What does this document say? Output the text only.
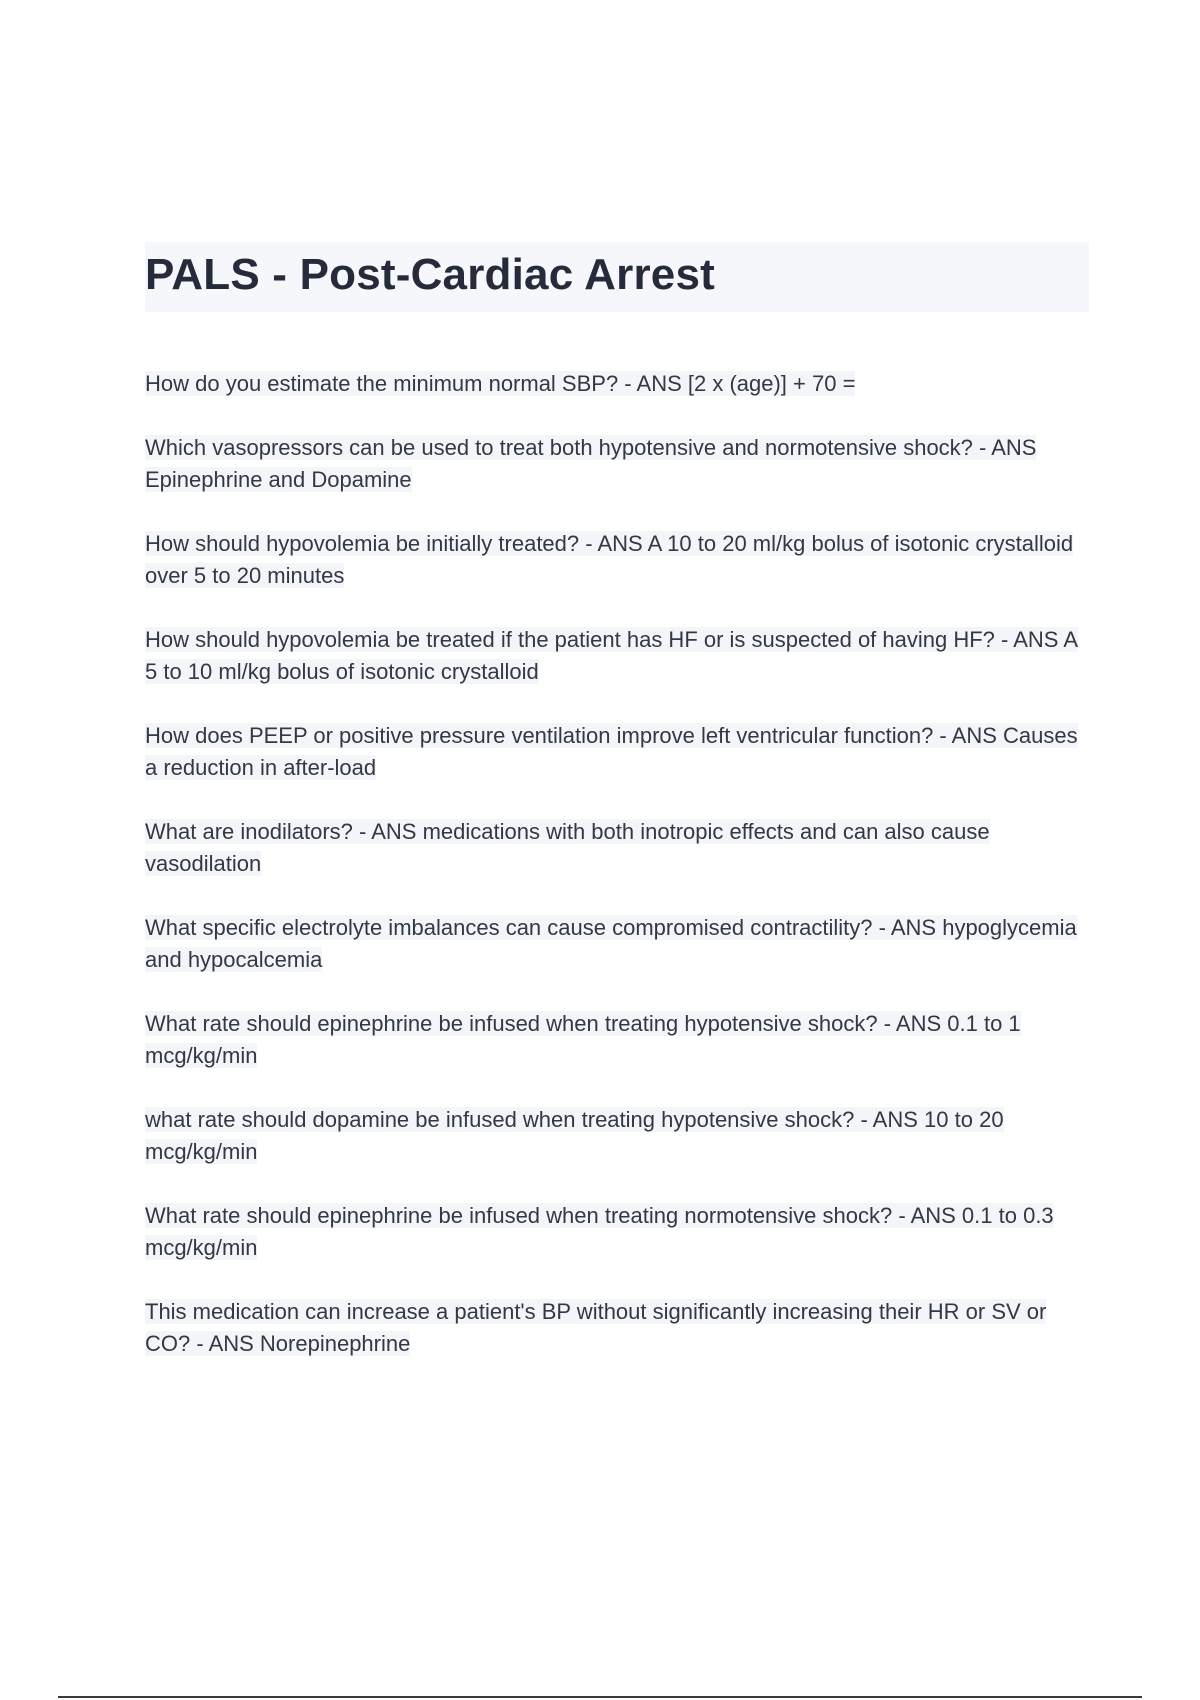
PALS - Post-Cardiac Arrest
How do you estimate the minimum normal SBP? - ANS [2 x (age)] + 70 =
Which vasopressors can be used to treat both hypotensive and normotensive shock? - ANS Epinephrine and Dopamine
How should hypovolemia be initially treated? - ANS A 10 to 20 ml/kg bolus of isotonic crystalloid over 5 to 20 minutes
How should hypovolemia be treated if the patient has HF or is suspected of having HF? - ANS A 5 to 10 ml/kg bolus of isotonic crystalloid
How does PEEP or positive pressure ventilation improve left ventricular function? - ANS Causes a reduction in after-load
What are inodilators? - ANS medications with both inotropic effects and can also cause vasodilation
What specific electrolyte imbalances can cause compromised contractility? - ANS hypoglycemia and hypocalcemia
What rate should epinephrine be infused when treating hypotensive shock? - ANS 0.1 to 1 mcg/kg/min
what rate should dopamine be infused when treating hypotensive shock? - ANS 10 to 20 mcg/kg/min
What rate should epinephrine be infused when treating normotensive shock? - ANS 0.1 to 0.3 mcg/kg/min
This medication can increase a patient's BP without significantly increasing their HR or SV or CO? - ANS Norepinephrine
